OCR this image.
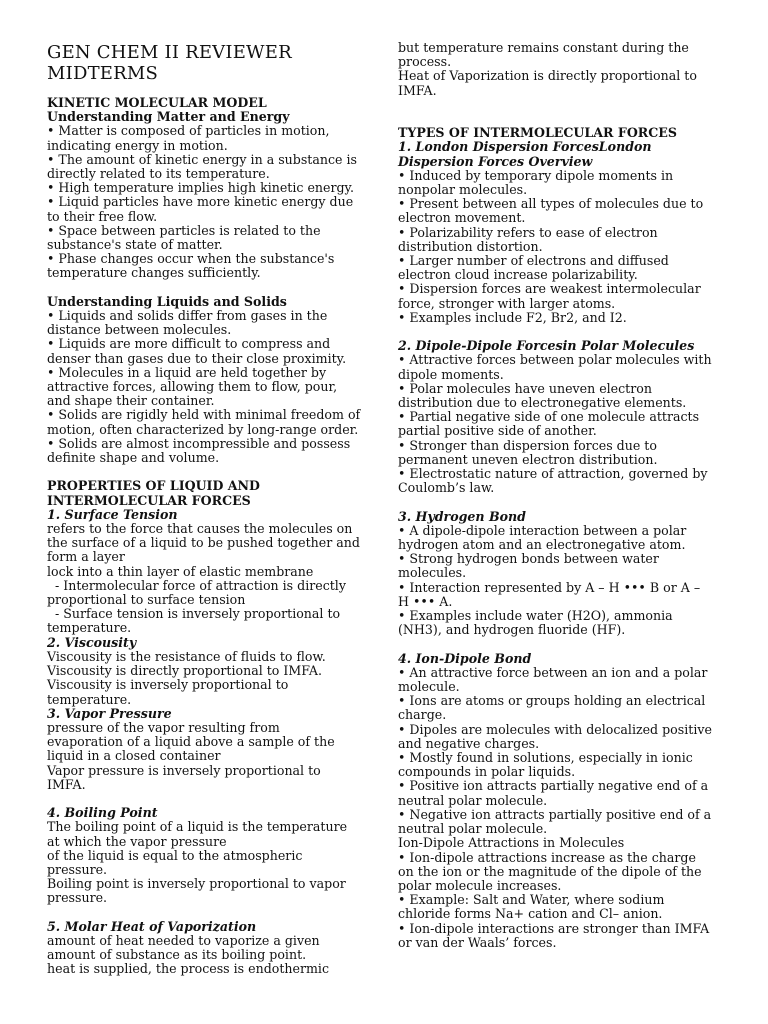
GEN CHEM II REVIEWER
MIDTERMS
KINETIC MOLECULAR MODEL
Understanding Matter and Energy
• Matter is composed of particles in motion,
indicating energy in motion.
• The amount of kinetic energy in a substance is
directly related to its temperature.
• High temperature implies high kinetic energy.
• Liquid particles have more kinetic energy due
to their free flow.
• Space between particles is related to the
substance's state of matter.
• Phase changes occur when the substance's
temperature changes sufficiently.
Understanding Liquids and Solids
• Liquids and solids differ from gases in the
distance between molecules.
• Liquids are more difficult to compress and
denser than gases due to their close proximity.
• Molecules in a liquid are held together by
attractive forces, allowing them to flow, pour,
and shape their container.
• Solids are rigidly held with minimal freedom of
motion, often characterized by long-range order.
• Solids are almost incompressible and possess
definite shape and volume.
PROPERTIES OF LIQUID AND
INTERMOLECULAR FORCES
1. Surface Tension
refers to the force that causes the molecules on
the surface of a liquid to be pushed together and
form a layer
lock into a thin layer of elastic membrane
- Intermolecular force of attraction is directly
proportional to surface tension
- Surface tension is inversely proportional to
temperature.
2. Viscousity
Viscousity is the resistance of fluids to flow.
Viscousity is directly proportional to IMFA.
Viscousity is inversely proportional to
temperature.
3. Vapor Pressure
pressure of the vapor resulting from
evaporation of a liquid above a sample of the
liquid in a closed container
Vapor pressure is inversely proportional to
IMFA.
4. Boiling Point
The boiling point of a liquid is the temperature
at which the vapor pressure
of the liquid is equal to the atmospheric
pressure.
Boiling point is inversely proportional to vapor
pressure.
5. Molar Heat of Vaporization
amount of heat needed to vaporize a given
amount of substance as its boiling point.
heat is supplied, the process is endothermic
but temperature remains constant during the
process.
Heat of Vaporization is directly proportional to
IMFA.
TYPES OF INTERMOLECULAR FORCES
1. London Dispersion ForcesLondon
Dispersion Forces Overview
• Induced by temporary dipole moments in
nonpolar molecules.
• Present between all types of molecules due to
electron movement.
• Polarizability refers to ease of electron
distribution distortion.
• Larger number of electrons and diffused
electron cloud increase polarizability.
• Dispersion forces are weakest intermolecular
force, stronger with larger atoms.
• Examples include F2, Br2, and I2.
2. Dipole-Dipole Forcesin Polar Molecules
• Attractive forces between polar molecules with
dipole moments.
• Polar molecules have uneven electron
distribution due to electronegative elements.
• Partial negative side of one molecule attracts
partial positive side of another.
• Stronger than dispersion forces due to
permanent uneven electron distribution.
• Electrostatic nature of attraction, governed by
Coulomb’s law.
3. Hydrogen Bond
• A dipole-dipole interaction between a polar
hydrogen atom and an electronegative atom.
• Strong hydrogen bonds between water
molecules.
• Interaction represented by A – H ••• B or A –
H ••• A.
• Examples include water (H2O), ammonia
(NH3), and hydrogen fluoride (HF).
4. Ion-Dipole Bond
• An attractive force between an ion and a polar
molecule.
• Ions are atoms or groups holding an electrical
charge.
• Dipoles are molecules with delocalized positive
and negative charges.
• Mostly found in solutions, especially in ionic
compounds in polar liquids.
• Positive ion attracts partially negative end of a
neutral polar molecule.
• Negative ion attracts partially positive end of a
neutral polar molecule.
Ion-Dipole Attractions in Molecules
• Ion-dipole attractions increase as the charge
on the ion or the magnitude of the dipole of the
polar molecule increases.
• Example: Salt and Water, where sodium
chloride forms Na+ cation and Cl– anion.
• Ion-dipole interactions are stronger than IMFA
or van der Waals’ forces.
